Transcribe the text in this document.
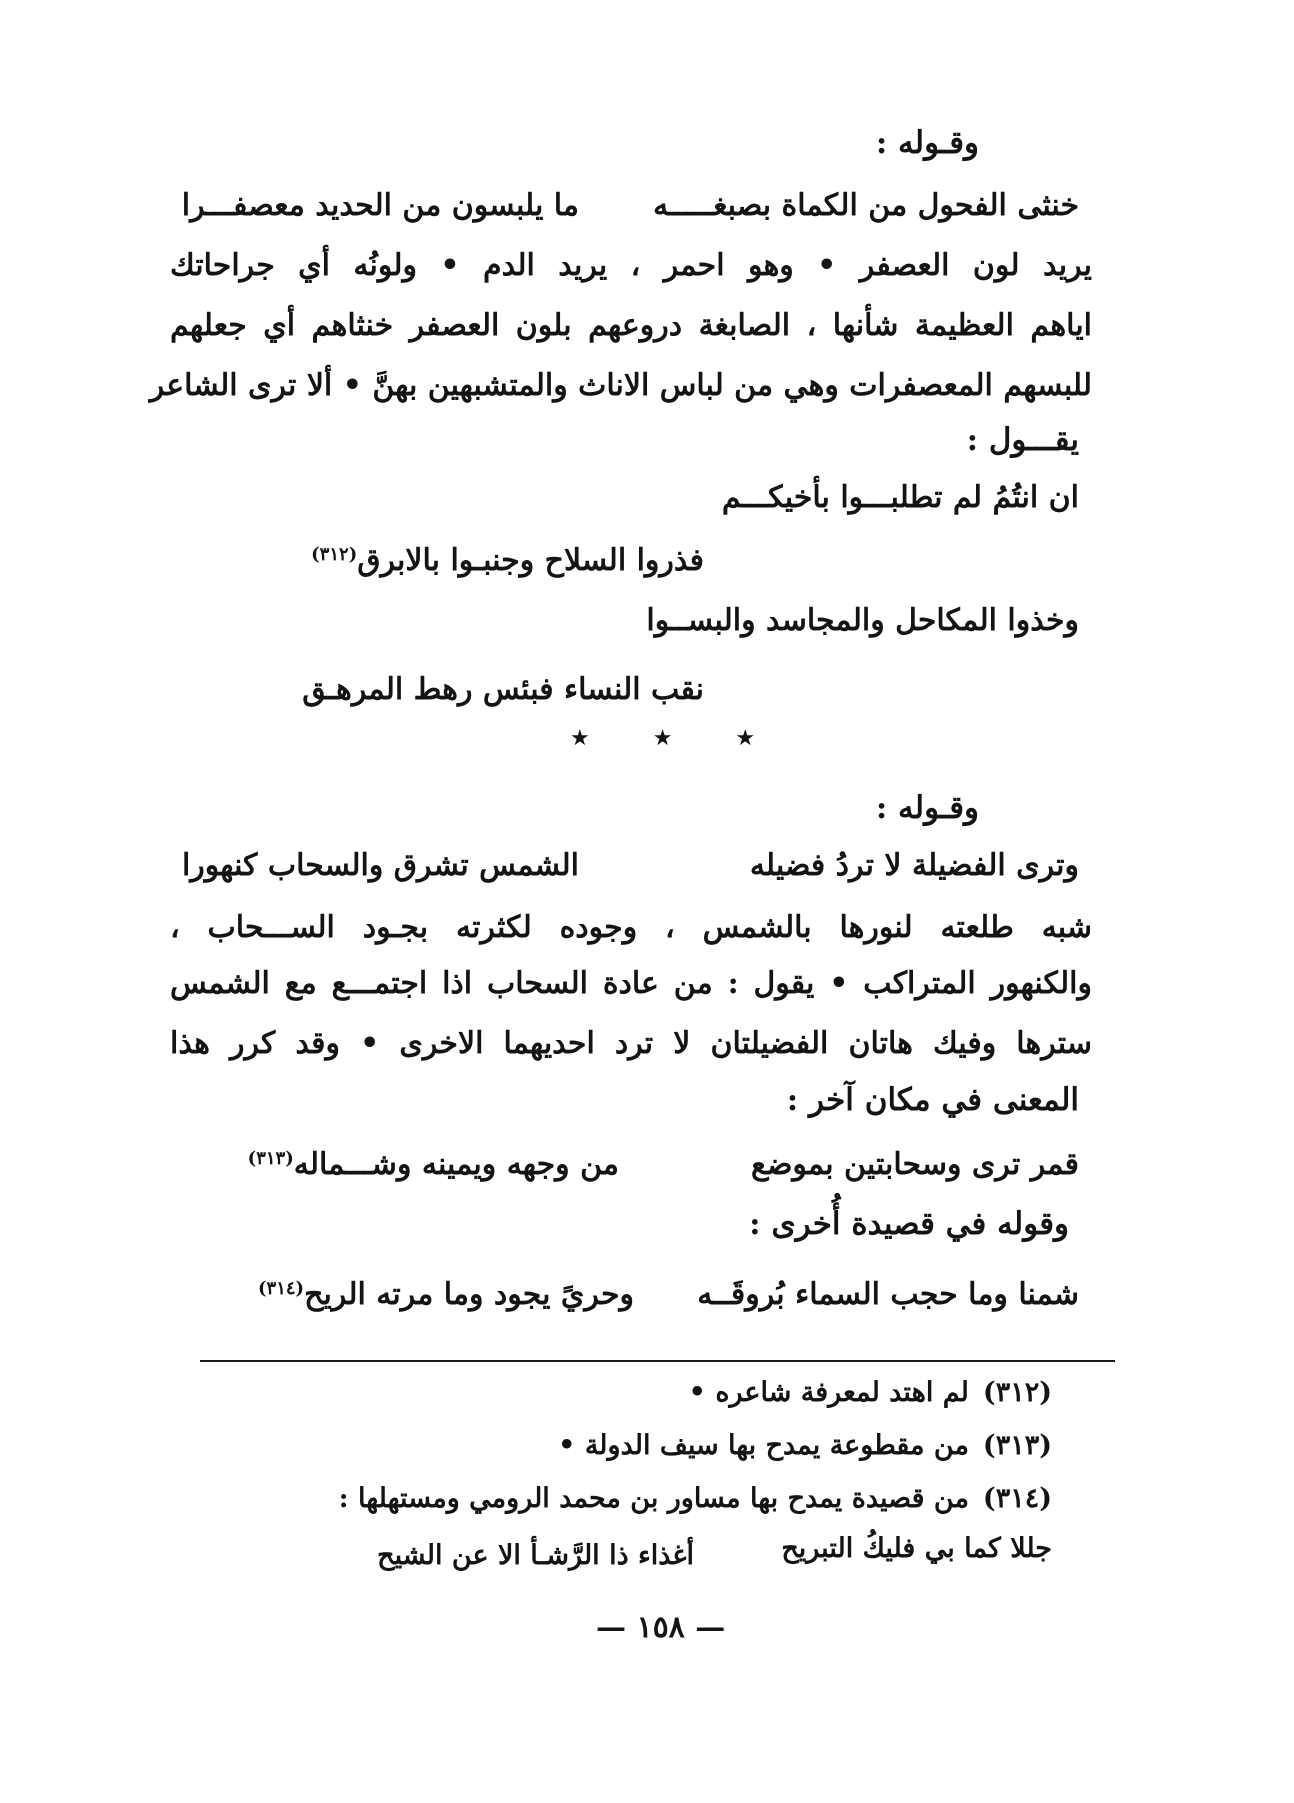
وقـوله :
خنثى الفحول من الكماة بصبغـــــه
ما يلبسون من الحديد معصفـــرا
يريد لون العصفر • وهو احمر ، يريد الدم • ولونُه أي جراحاتك
اياهم العظيمة شأنها ، الصابغة دروعهم بلون العصفر خنثاهم أي جعلهم
للبسهم المعصفرات وهي من لباس الاناث والمتشبهين بهنَّ • ألا ترى الشاعر
يقـــول :
ان انتُمُ لم تطلبـــوا بأخيكـــم
فذروا السلاح وجنبـوا بالابرق$^{(٣١٢)}$
وخذوا المكاحل والمجاسد والبســوا
نقب النساء فبئس رهط المرهـق
★ ★ ★
وقـوله :
وترى الفضيلة لا تردُ فضيله
الشمس تشرق والسحاب كنهورا
شبه طلعته لنورها بالشمس ، وجوده لكثرته بجـود الســـحاب ،
والكنهور المتراكب • يقول : من عادة السحاب اذا اجتمـــع مع الشمس
سترها وفيك هاتان الفضيلتان لا ترد احديهما الاخرى • وقد كرر هذا
المعنى في مكان آخر :
قمر ترى وسحابتين بموضع
من وجهه ويمينه وشـــماله$^{(٣١٣)}$
وقوله في قصيدة أُخرى :
شمنا وما حجب السماء بُروقَــه
وحريً يجود وما مرته الريح$^{(٣١٤)}$
(٣١٢)لم اهتد لمعرفة شاعره •
(٣١٣)من مقطوعة يمدح بها سيف الدولة •
(٣١٤)من قصيدة يمدح بها مساور بن محمد الرومي ومستهلها :
جللا كما بي فليكُ التبريح
أغذاء ذا الرَّشـأ الا عن الشيح
— ١٥٨ —
